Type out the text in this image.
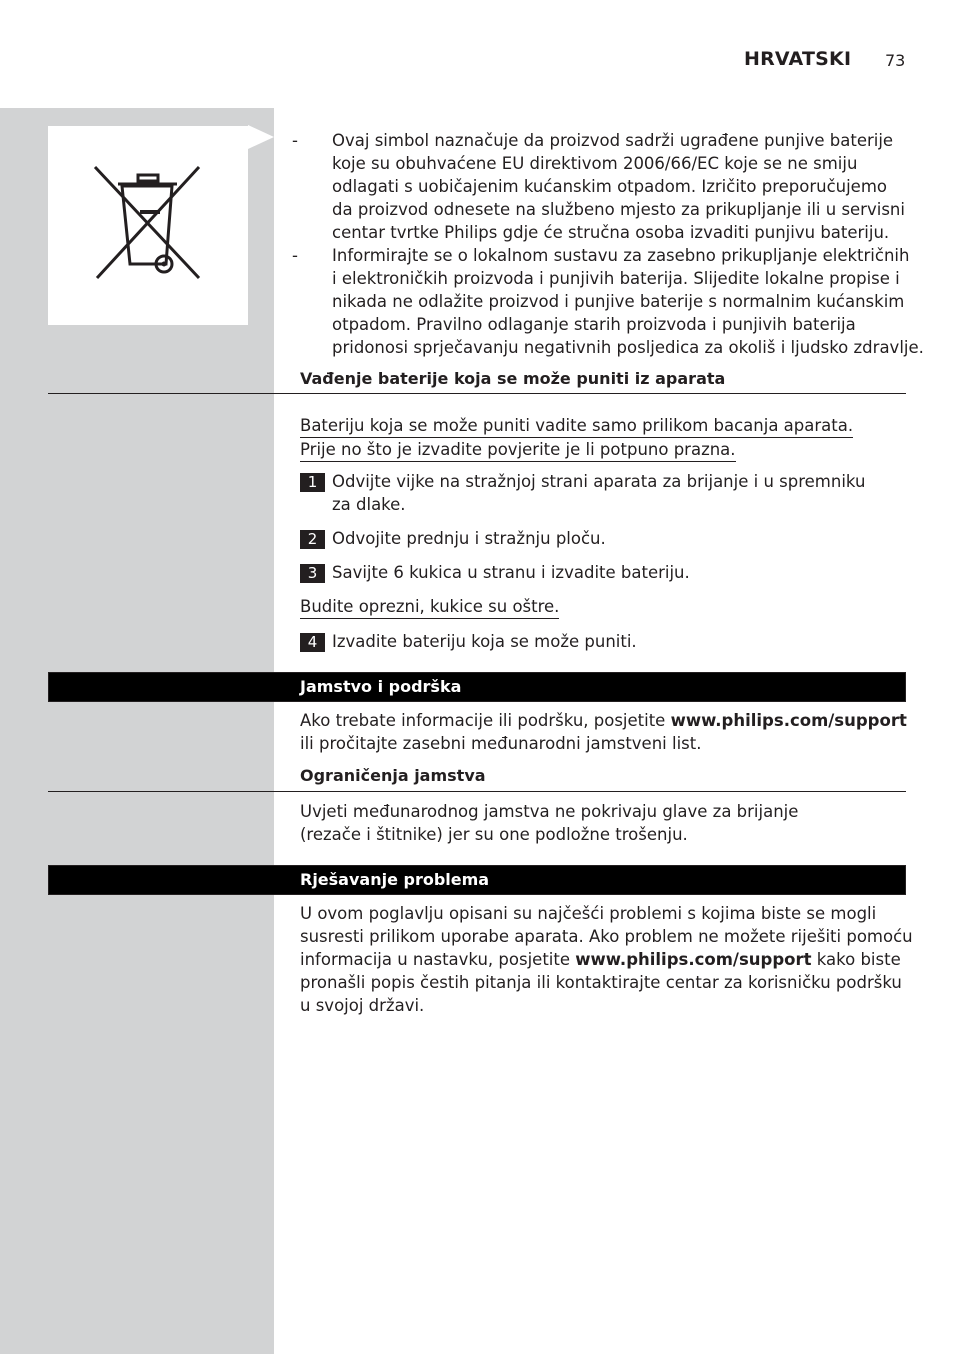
HRVATSKI 73
- Ovaj simbol naznačuje da proizvod sadrži ugrađene punjive baterije
koje su obuhvaćene EU direktivom 2006/66/EC koje se ne smiju
odlagati s uobičajenim kućanskim otpadom. Izričito preporučujemo
da proizvod odnesete na službeno mjesto za prikupljanje ili u servisni
centar tvrtke Philips gdje će stručna osoba izvaditi punjivu bateriju.
- Informirajte se o lokalnom sustavu za zasebno prikupljanje električnih
i elektroničkih proizvoda i punjivih baterija. Slijedite lokalne propise i
nikada ne odlažite proizvod i punjive baterije s normalnim kućanskim
otpadom. Pravilno odlaganje starih proizvoda i punjivih baterija
pridonosi sprječavanju negativnih posljedica za okoliš i ljudsko zdravlje.
Vađenje baterije koja se može puniti iz aparata
Bateriju koja se može puniti vadite samo prilikom bacanja aparata.
Prije no što je izvadite povjerite je li potpuno prazna.
1 Odvijte vijke na stražnjoj strani aparata za brijanje i u spremniku
za dlake.
2 Odvojite prednju i stražnju ploču.
3 Savijte 6 kukica u stranu i izvadite bateriju.
Budite oprezni, kukice su oštre.
4 Izvadite bateriju koja se može puniti.
Jamstvo i podrška
Ako trebate informacije ili podršku, posjetite www.philips.com/support
ili pročitajte zasebni međunarodni jamstveni list.
Ograničenja jamstva
Uvjeti međunarodnog jamstva ne pokrivaju glave za brijanje
(rezače i štitnike) jer su one podložne trošenju.
Rješavanje problema
U ovom poglavlju opisani su najčešći problemi s kojima biste se mogli
susresti prilikom uporabe aparata. Ako problem ne možete riješiti pomoću
informacija u nastavku, posjetite www.philips.com/support kako biste
pronašli popis čestih pitanja ili kontaktirajte centar za korisničku podršku
u svojoj državi.
